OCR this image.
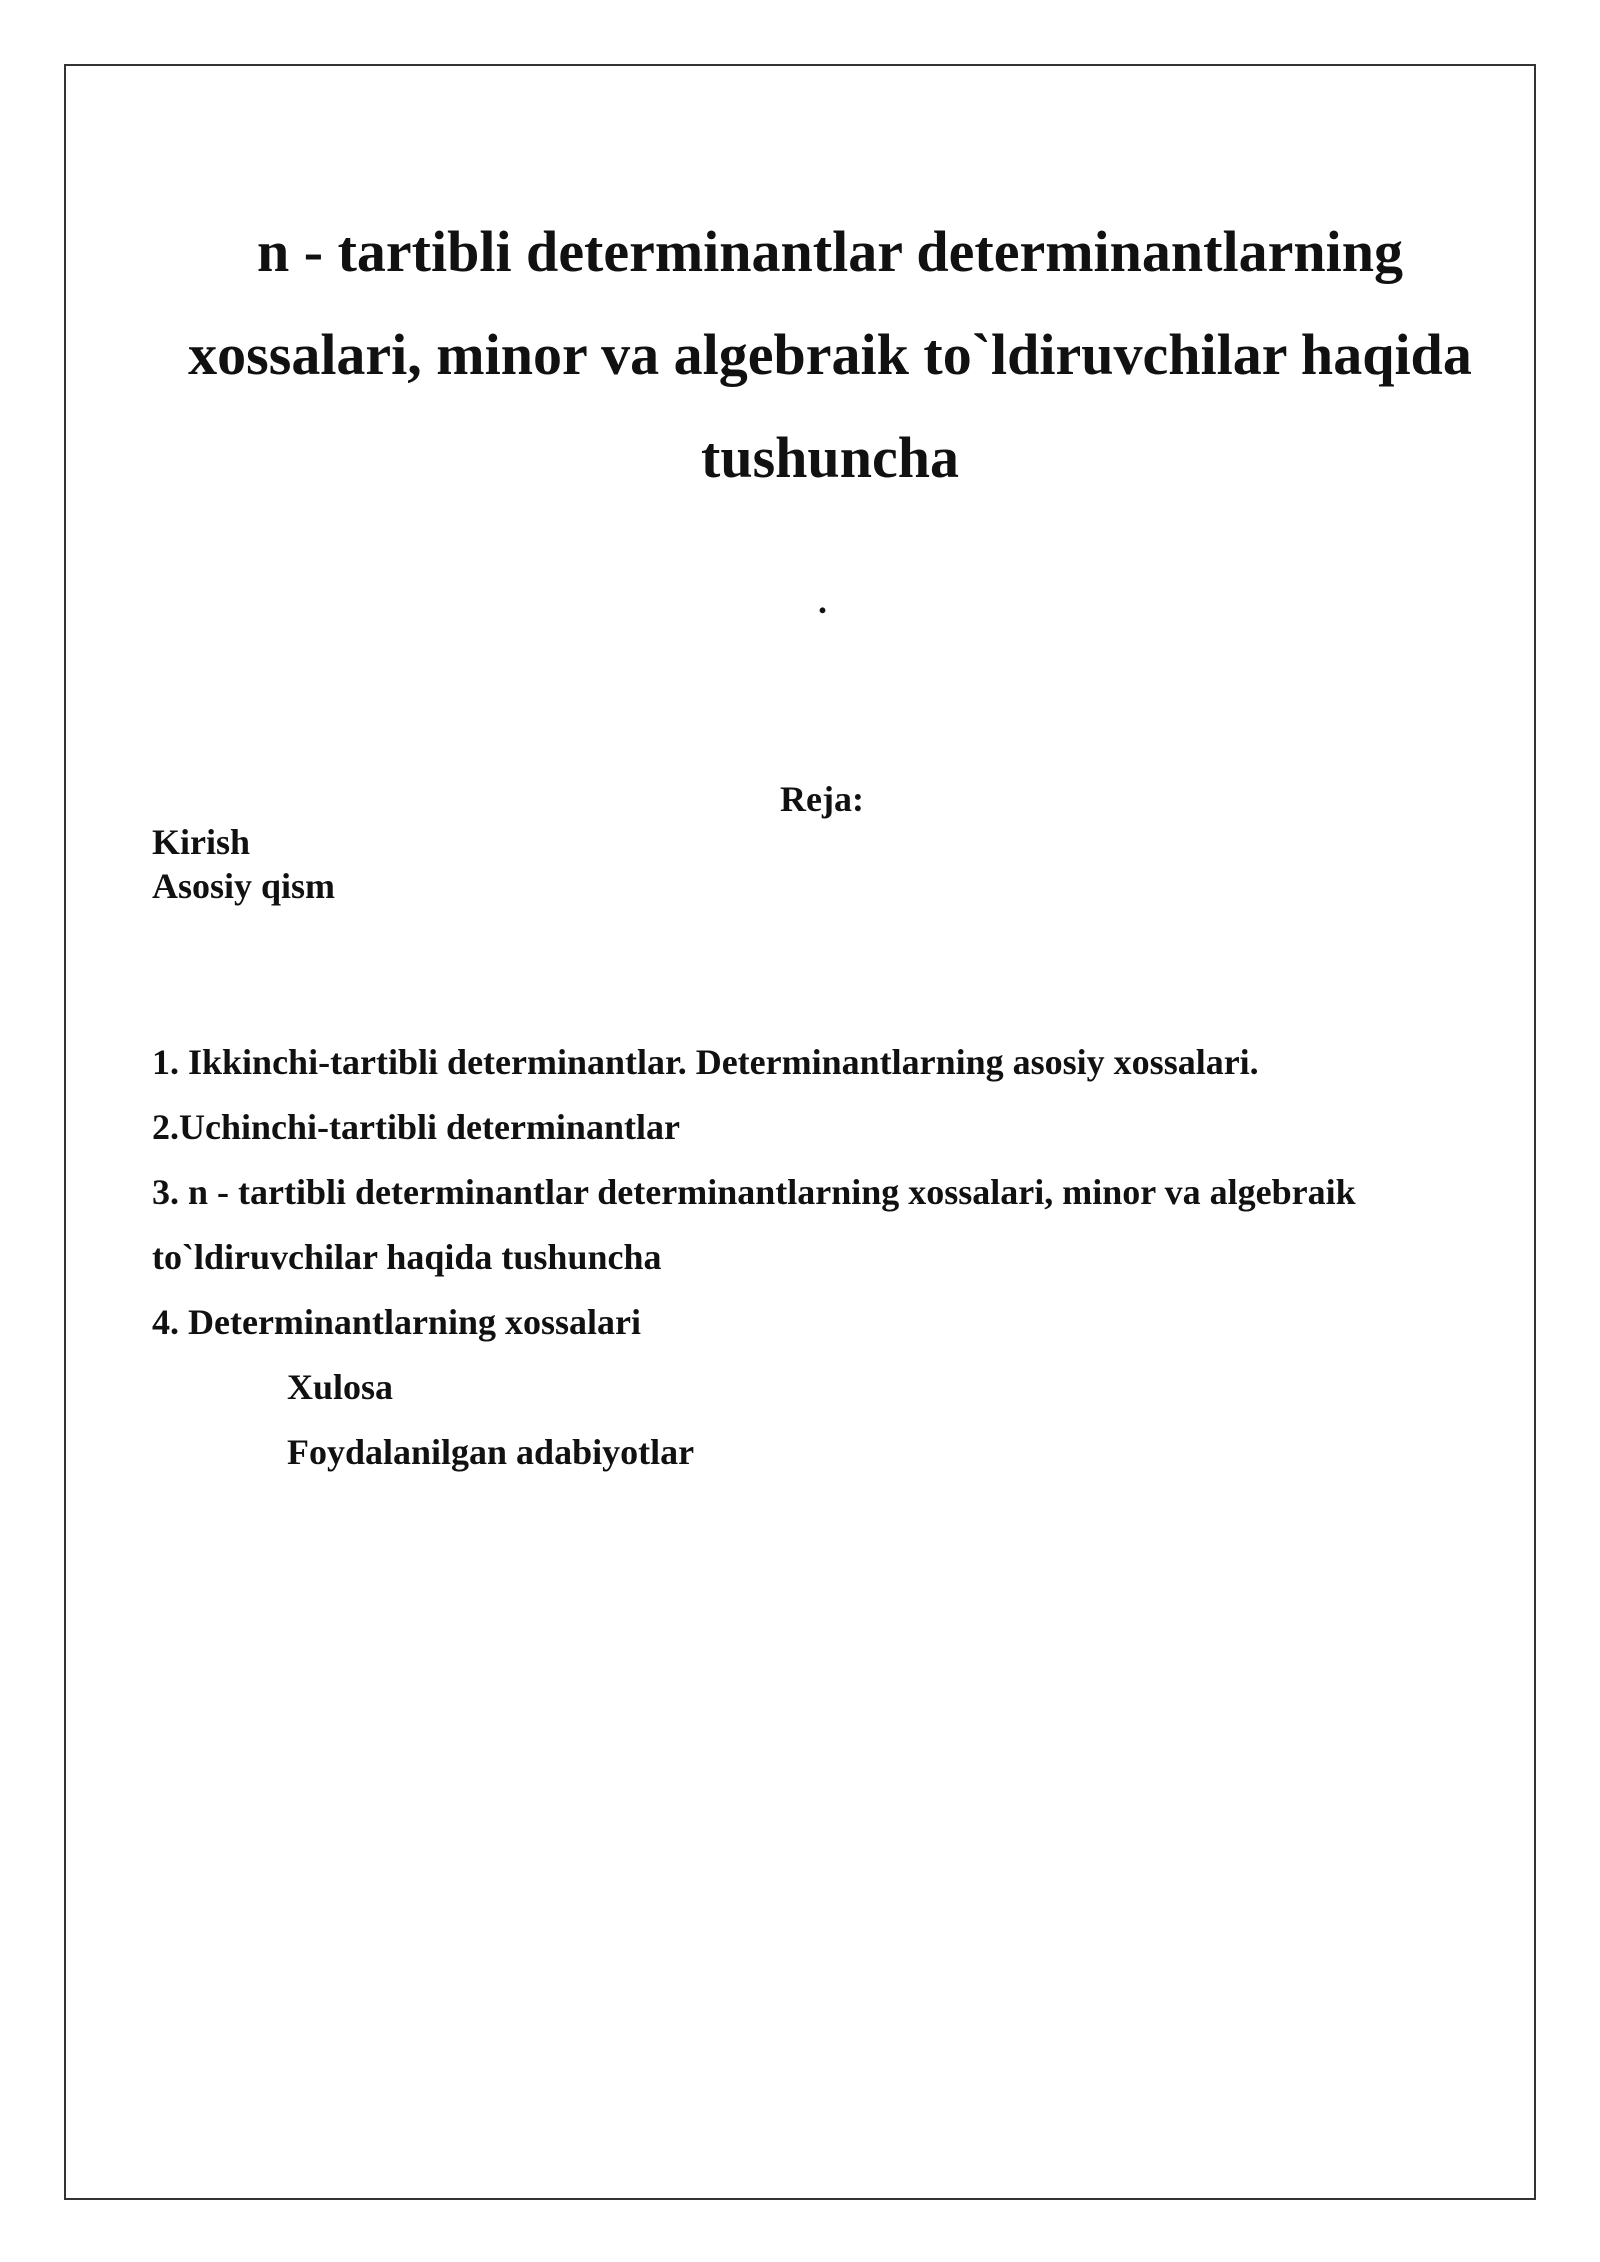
n - tartibli determinantlar determinantlarning
xossalari, minor va algebraik to`ldiruvchilar haqida
tushuncha
.
Reja:
Kirish
Asosiy qism
1. Ikkinchi-tartibli determinantlar. Determinantlarning asosiy xossalari.
2.Uchinchi-tartibli determinantlar
3. n - tartibli determinantlar determinantlarning xossalari, minor va algebraik
to`ldiruvchilar haqida tushuncha
4. Determinantlarning xossalari
Xulosa
Foydalanilgan adabiyotlar
